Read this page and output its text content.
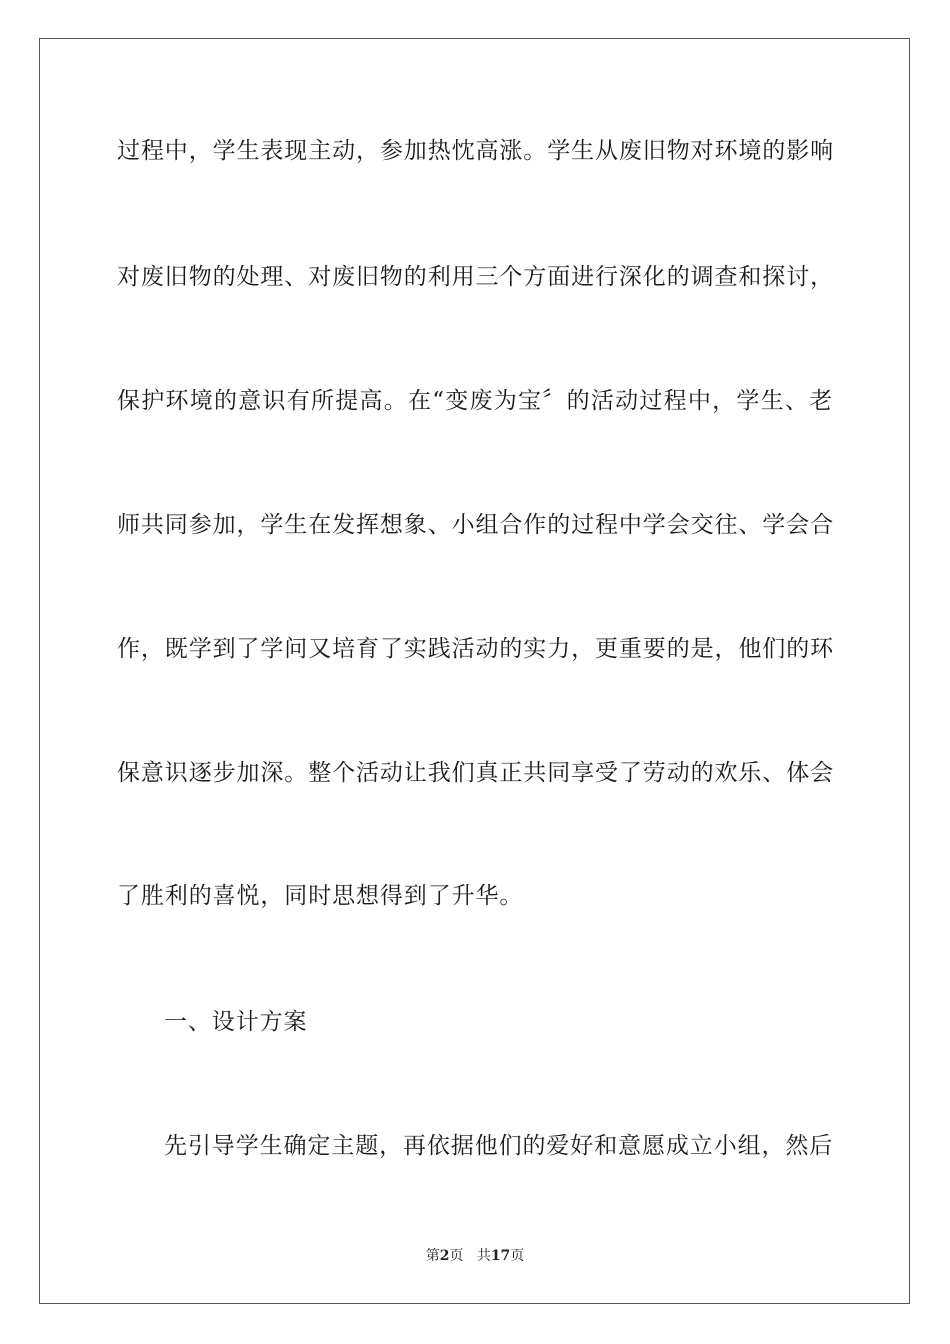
过程中，学生表现主动，参加热忱高涨。学生从废旧物对环境的影响
对废旧物的处理、对废旧物的利用三个方面进行深化的调查和探讨，
保护环境的意识有所提高。在“变废为宝〞的活动过程中，学生、老
师共同参加，学生在发挥想象、小组合作的过程中学会交往、学会合
作，既学到了学问又培育了实践活动的实力，更重要的是，他们的环
保意识逐步加深。整个活动让我们真正共同享受了劳动的欢乐、体会
了胜利的喜悦，同时思想得到了升华。
一、设计方案
先引导学生确定主题，再依据他们的爱好和意愿成立小组，然后
第2页 共17页
